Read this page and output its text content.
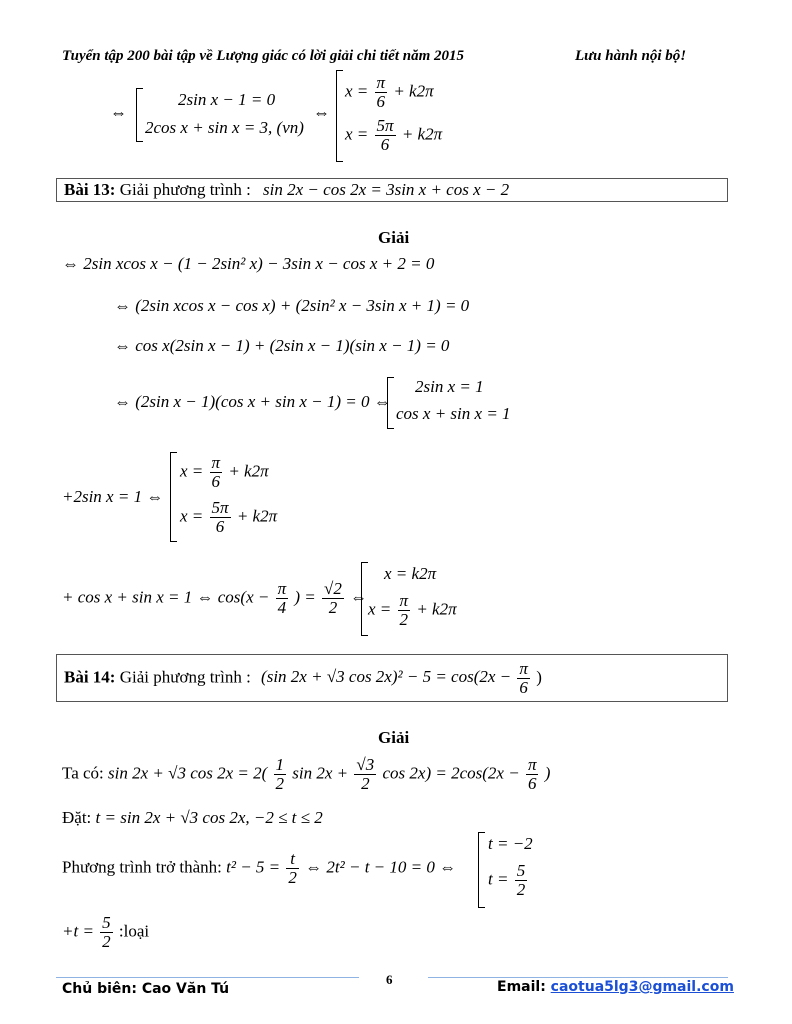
Tuyển tập 200 bài tập về Lượng giác có lời giải chi tiết năm 2015	Lưu hành nội bộ!
⇔
2sin x − 1 = 0
2cos x + sin x = 3, (vn)
⇔
$x = \frac{\pi}{6} + k2\pi$
$x = \frac{5\pi}{6} + k2\pi$
Bài 13: Giải phương trình : sin 2x − cos 2x = 3sin x + cos x − 2
Giải
⇔ 2sin xcos x − (1 − 2sin² x) − 3sin x − cos x + 2 = 0
⇔ (2sin xcos x − cos x) + (2sin² x − 3sin x + 1) = 0
⇔ cos x(2sin x − 1) + (2sin x − 1)(sin x − 1) = 0
⇔ (2sin x − 1)(cos x + sin x − 1) = 0 ⇔
2sin x = 1
cos x + sin x = 1
+2sin x = 1 ⇔
$x = \frac{\pi}{6} + k2\pi$
$x = \frac{5\pi}{6} + k2\pi$
+ cos x + sin x = 1 ⇔ $\cos(x - \frac{\pi}{4}$ ) = $\frac{√2}{2}$ ⇔
x = k2π
$x = \frac{\pi}{2} + k2\pi$
Bài 14: Giải phương trình : (sin 2x + √3 $\cos 2x)^2 - 5 = \cos(2x - \frac{\pi}{6}$ )
Giải
Ta có: sin 2x + √3 $\cos 2x = 2( \frac{1}{2}$ $\sin 2x + \frac{√3}{2}$ $\cos 2x) = 2\cos(2x - \frac{\pi}{6}$ )
Đặt: t = sin 2x + √3 cos 2x, −2 ≤ t ≤ 2
Phương trình trở thành: $t^2 - 5 = \frac{t}{2}$ ⇔ 2t² − t − 10 = 0 ⇔
t = −2
$t = \frac{5}{2}$
$+t = \frac{5}{2}$ :loại
6
Chủ biên: Cao Văn Tú	Email: caotua5lg3@gmail.com
